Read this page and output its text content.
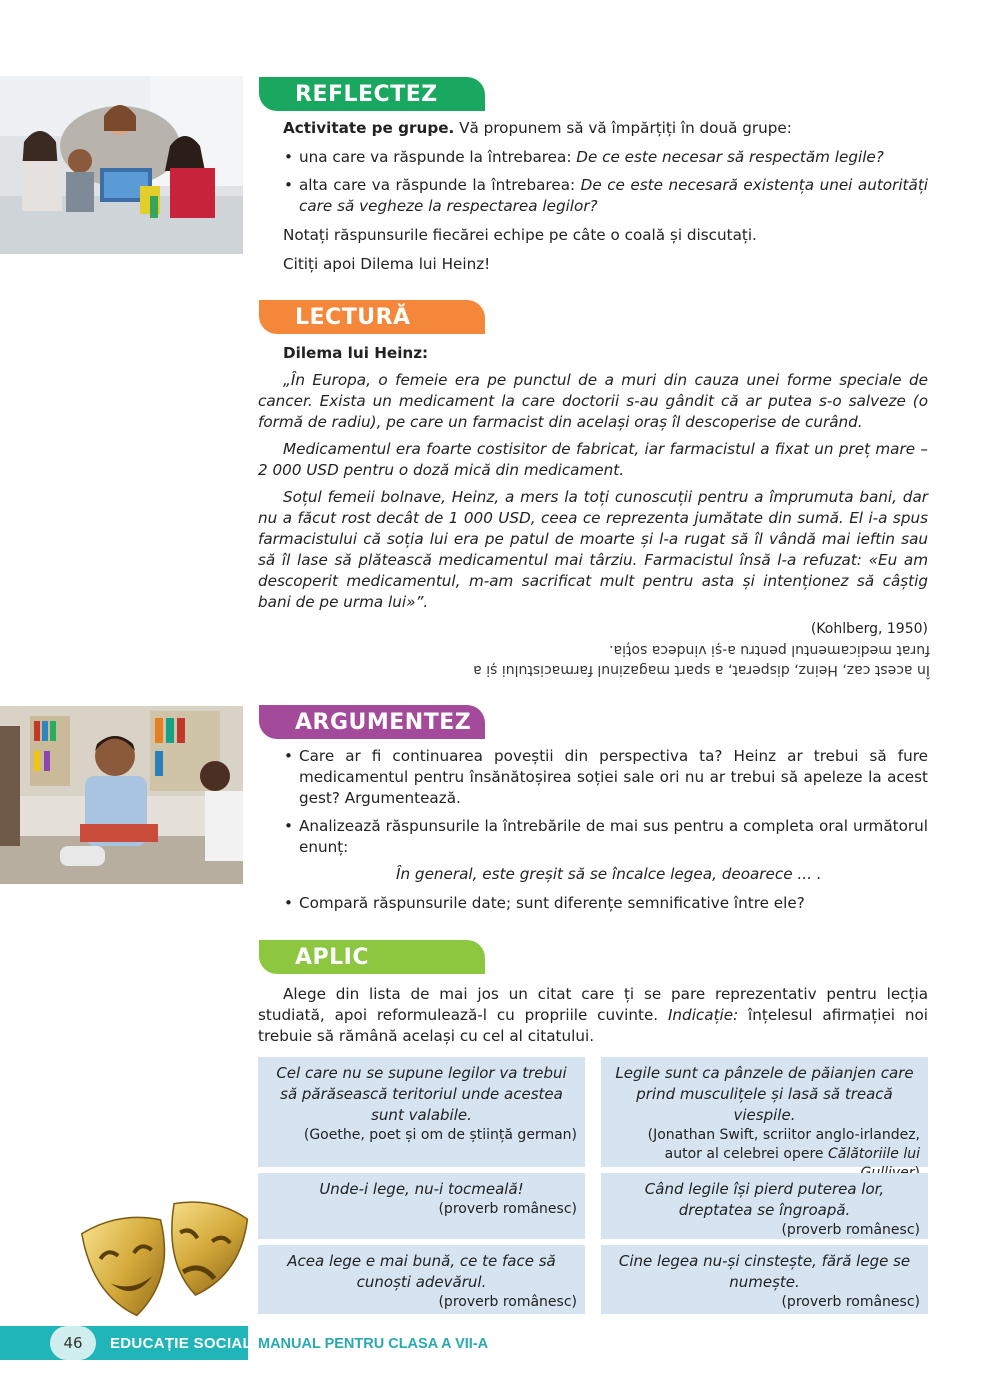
REFLECTEZ

Activitate pe grupe. Vă propunem să vă împărțiți în două grupe:

• una care va răspunde la întrebarea: De ce este necesar să respectăm legile?
• alta care va răspunde la întrebarea: De ce este necesară existența unei autorități care să vegheze la respectarea legilor?

Notați răspunsurile fiecărei echipe pe câte o coală și discutați.

Citiți apoi Dilema lui Heinz!

LECTURĂ

Dilema lui Heinz:

„În Europa, o femeie era pe punctul de a muri din cauza unei forme speciale de cancer. Exista un medicament la care doctorii s-au gândit că ar putea s-o salveze (o formă de radiu), pe care un farmacist din același oraș îl descoperise de curând.

Medicamentul era foarte costisitor de fabricat, iar farmacistul a fixat un preț mare – 2 000 USD pentru o doză mică din medicament.

Soțul femeii bolnave, Heinz, a mers la toți cunoscuții pentru a împrumuta bani, dar nu a făcut rost decât de 1 000 USD, ceea ce reprezenta jumătate din sumă. El i-a spus farmacistului că soția lui era pe patul de moarte și l-a rugat să îl vândă mai ieftin sau să îl lase să plătească medicamentul mai târziu. Farmacistul însă l-a refuzat: «Eu am descoperit medicamentul, m-am sacrificat mult pentru asta și intenționez să câștig bani de pe urma lui»”.

(Kohlberg, 1950)

În acest caz, Heinz, disperat, a spart magazinul farmacistului și a furat medicamentul pentru a-și vindeca soția.
ARGUMENTEZ
• Care ar fi continuarea poveștii din perspectiva ta? Heinz ar trebui să fure medicamentul pentru însănătoșirea soției sale ori nu ar trebui să apeleze la acest gest? Argumentează.
• Analizează răspunsurile la întrebările de mai sus pentru a completa oral următorul enunț:

În general, este greșit să se încalce legea, deoarece ... .

• Compară răspunsurile date; sunt diferențe semnificative între ele?
APLIC
Alege din lista de mai jos un citat care ți se pare reprezentativ pentru lecția studiată, apoi reformulează-l cu propriile cuvinte. Indicație: înțelesul afirmației noi trebuie să rămână același cu cel al citatului.
Cel care nu se supune legilor va trebui să părăsească teritoriul unde acestea sunt valabile.
(Goethe, poet și om de știință german)
Legile sunt ca pânzele de păianjen care prind musculițele și lasă să treacă viespile.
(Jonathan Swift, scriitor anglo-irlandez, autor al celebrei opere Călătoriile lui
Unde-i lege, nu-i tocmeală!
(proverb românesc)
Când legile își pierd puterea lor, dreptatea se îngroapă.
(proverb românesc)
Acea lege e mai bună, ce te face să cunoști adevărul.
(proverb românesc)
Cine legea nu-și cinstește, fără lege se numește.
(proverb românesc)
46	EDUCAȚIE SOCIALĂ
MANUAL PENTRU CLASA A VII-A
